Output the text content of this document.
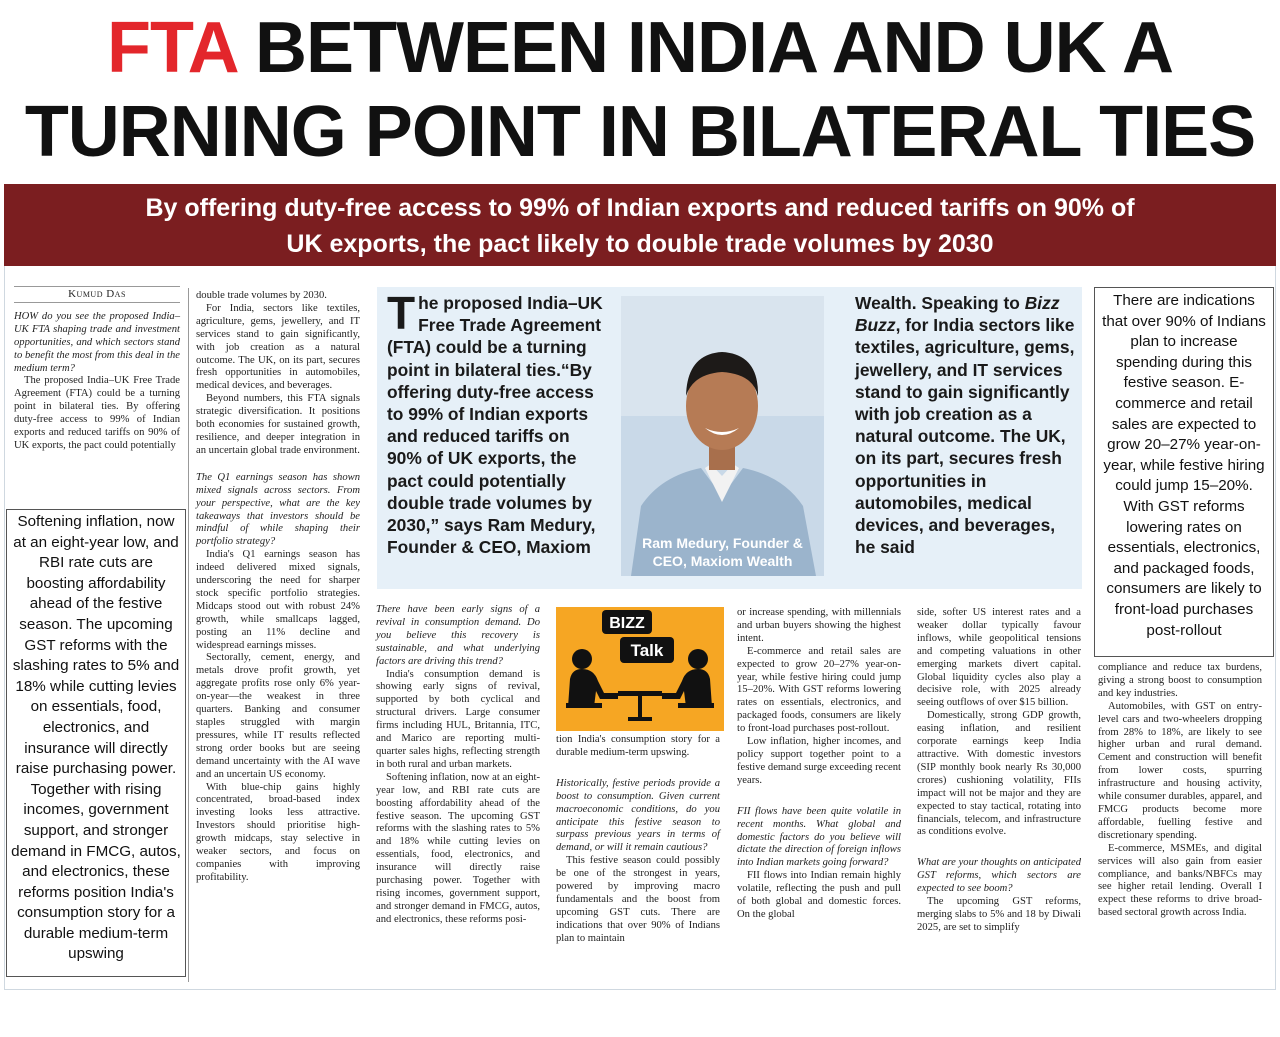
FTA BETWEEN INDIA AND UK A
TURNING POINT IN BILATERAL TIES
By offering duty-free access to 99% of Indian exports and reduced tariffs on 90% of
UK exports, the pact likely to double trade volumes by 2030

Kumud Das

HOW do you see the proposed India–UK FTA shaping trade and investment opportunities, and which sectors stand to benefit the most from this deal in the medium term?

The proposed India–UK Free Trade Agreement (FTA) could be a turning point in bilateral ties. By offering duty-free access to 99% of Indian exports and reduced tariffs on 90% of UK exports, the pact could potentially

Softening inflation, now at an eight-year low, and RBI rate cuts are boosting affordability ahead of the festive season. The upcoming GST reforms with the slashing rates to 5% and 18% while cutting levies on essentials, food, electronics, and insurance will directly raise purchasing power. Together with rising incomes, government support, and stronger demand in FMCG, autos, and electronics, these reforms position India's consumption story for a durable medium-term upswing

double trade volumes by 2030.

For India, sectors like textiles, agriculture, gems, jewellery, and IT services stand to gain significantly, with job creation as a natural outcome. The UK, on its part, secures fresh opportunities in automobiles, medical devices, and beverages.

Beyond numbers, this FTA signals strategic diversification. It positions both economies for sustained growth, resilience, and deeper integration in an uncertain global trade environment.

The Q1 earnings season has shown mixed signals across sectors. From your perspective, what are the key takeaways that investors should be mindful of while shaping their portfolio strategy?

India's Q1 earnings season has indeed delivered mixed signals, underscoring the need for sharper stock specific portfolio strategies. Midcaps stood out with robust 24% growth, while smallcaps lagged, posting an 11% decline and widespread earnings misses.

Sectorally, cement, energy, and metals drove profit growth, yet aggregate profits rose only 6% year-on-year—the weakest in three quarters. Banking and consumer staples struggled with margin pressures, while IT results reflected strong order books but are seeing demand uncertainty with the AI wave and an uncertain US economy.

With blue-chip gains highly concentrated, broad-based index investing looks less attractive. Investors should prioritise high-growth midcaps, stay selective in weaker sectors, and focus on companies with improving profitability.

The proposed India–UK Free Trade Agreement (FTA) could be a turning point in bilateral ties.“By offering duty-free access to 99% of Indian exports and reduced tariffs on 90% of UK exports, the pact could potentially double trade volumes by 2030,” says Ram Medury, Founder & CEO, Maxiom	Ram Medury, Founder &
CEO, Maxiom Wealth
Wealth. Speaking to Bizz Buzz, for India sectors like textiles, agriculture, gems, jewellery, and IT services stand to gain significantly with job creation as a natural outcome. The UK, on its part, secures fresh opportunities in automobiles, medical devices, and beverages, he said
There are indications that over 90% of Indians plan to increase spending during this festive season. E-commerce and retail sales are expected to grow 20–27% year-on-year, while festive hiring could jump 15–20%. With GST reforms lowering rates on essentials, electronics, and packaged foods, consumers are likely to front-load purchases post-rollout

There have been early signs of a revival in consumption demand. Do you believe this recovery is sustainable, and what underlying factors are driving this trend?

India's consumption demand is showing early signs of revival, supported by both cyclical and structural drivers. Large consumer firms including HUL, Britannia, ITC, and Marico are reporting multi-quarter sales highs, reflecting strength in both rural and urban markets.

Softening inflation, now at an eight-year low, and RBI rate cuts are boosting affordability ahead of the festive season. The upcoming GST reforms with the slashing rates to 5% and 18% while cutting levies on essentials, food, electronics, and insurance will directly raise purchasing power. Together with rising incomes, government support, and stronger demand in FMCG, autos, and electronics, these reforms posi-

BIZZ
Talk

tion India's consumption story for a durable medium-term upswing.

Historically, festive periods provide a boost to consumption. Given current macroeconomic conditions, do you anticipate this festive season to surpass previous years in terms of demand, or will it remain cautious?

This festive season could possibly be one of the strongest in years, powered by improving macro fundamentals and the boost from upcoming GST cuts. There are indications that over 90% of Indians plan to maintain

or increase spending, with millennials and urban buyers showing the highest intent.

E-commerce and retail sales are expected to grow 20–27% year-on-year, while festive hiring could jump 15–20%. With GST reforms lowering rates on essentials, electronics, and packaged foods, consumers are likely to front-load purchases post-rollout.

Low inflation, higher incomes, and policy support together point to a festive demand surge exceeding recent years.

FII flows have been quite volatile in recent months. What global and domestic factors do you believe will dictate the direction of foreign inflows into Indian markets going forward?

FII flows into Indian remain highly volatile, reflecting the push and pull of both global and domestic forces. On the global

side, softer US interest rates and a weaker dollar typically favour inflows, while geopolitical tensions and competing valuations in other emerging markets divert capital. Global liquidity cycles also play a decisive role, with 2025 already seeing outflows of over $15 billion.

Domestically, strong GDP growth, easing inflation, and resilient corporate earnings keep India attractive. With domestic investors (SIP monthly book nearly Rs 30,000 crores) cushioning volatility, FIIs impact will not be major and they are expected to stay tactical, rotating into financials, telecom, and infrastructure as conditions evolve.

What are your thoughts on anticipated GST reforms, which sectors are expected to see boom?

The upcoming GST reforms, merging slabs to 5% and 18 by Diwali 2025, are set to simplify

compliance and reduce tax burdens, giving a strong boost to consumption and key industries.

Automobiles, with GST on entry-level cars and two-wheelers dropping from 28% to 18%, are likely to see higher urban and rural demand. Cement and construction will benefit from lower costs, spurring infrastructure and housing activity, while consumer durables, apparel, and FMCG products become more affordable, fuelling festive and discretionary spending.

E-commerce, MSMEs, and digital services will also gain from easier compliance, and banks/NBFCs may see higher retail lending. Overall I expect these reforms to drive broad-based sectoral growth across India.
